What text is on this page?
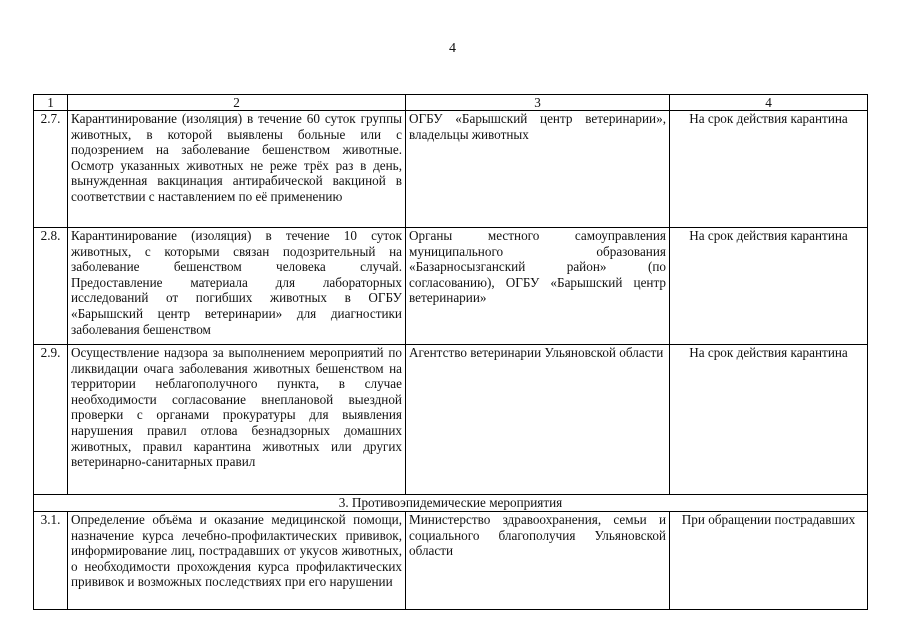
4
1	2	3	4
2.7.	Карантинирование (изоляция) в течение 60 суток группы животных, в которой выявлены больные или с подозрением на заболевание бешенством животные. Осмотр указанных животных не реже трёх раз в день, вынужденная вакцинация антирабической вакциной в соответствии с наставлением по её применению	ОГБУ «Барышский центр ветеринарии», владельцы животных	На срок действия карантина
2.8.	Карантинирование (изоляция) в течение 10 суток животных, с которыми связан подозрительный на заболевание бешенством человека случай. Предоставление материала для лабораторных исследований от погибших животных в ОГБУ «Барышский центр ветеринарии» для диагностики заболевания бешенством	Органы местного самоуправления муниципального образования «Базарносызганский район» (по согласованию), ОГБУ «Барышский центр ветеринарии»	На срок действия карантина
2.9.	Осуществление надзора за выполнением мероприятий по ликвидации очага заболевания животных бешенством на территории неблагополучного пункта, в случае необходимости согласование внеплановой выездной проверки с органами прокуратуры для выявления нарушения правил отлова безнадзорных домашних животных, правил карантина животных или других ветеринарно-санитарных правил	Агентство ветеринарии Ульяновской области	На срок действия карантина
3. Противоэпидемические мероприятия			
3.1.	Определение объёма и оказание медицинской помощи, назначение курса лечебно-профилактических прививок, информирование лиц, пострадавших от укусов животных, о необходимости прохождения курса профилактических прививок и возможных последствиях при его нарушении	Министерство здравоохранения, семьи и социального благополучия Ульяновской области	При обращении пострадавших
